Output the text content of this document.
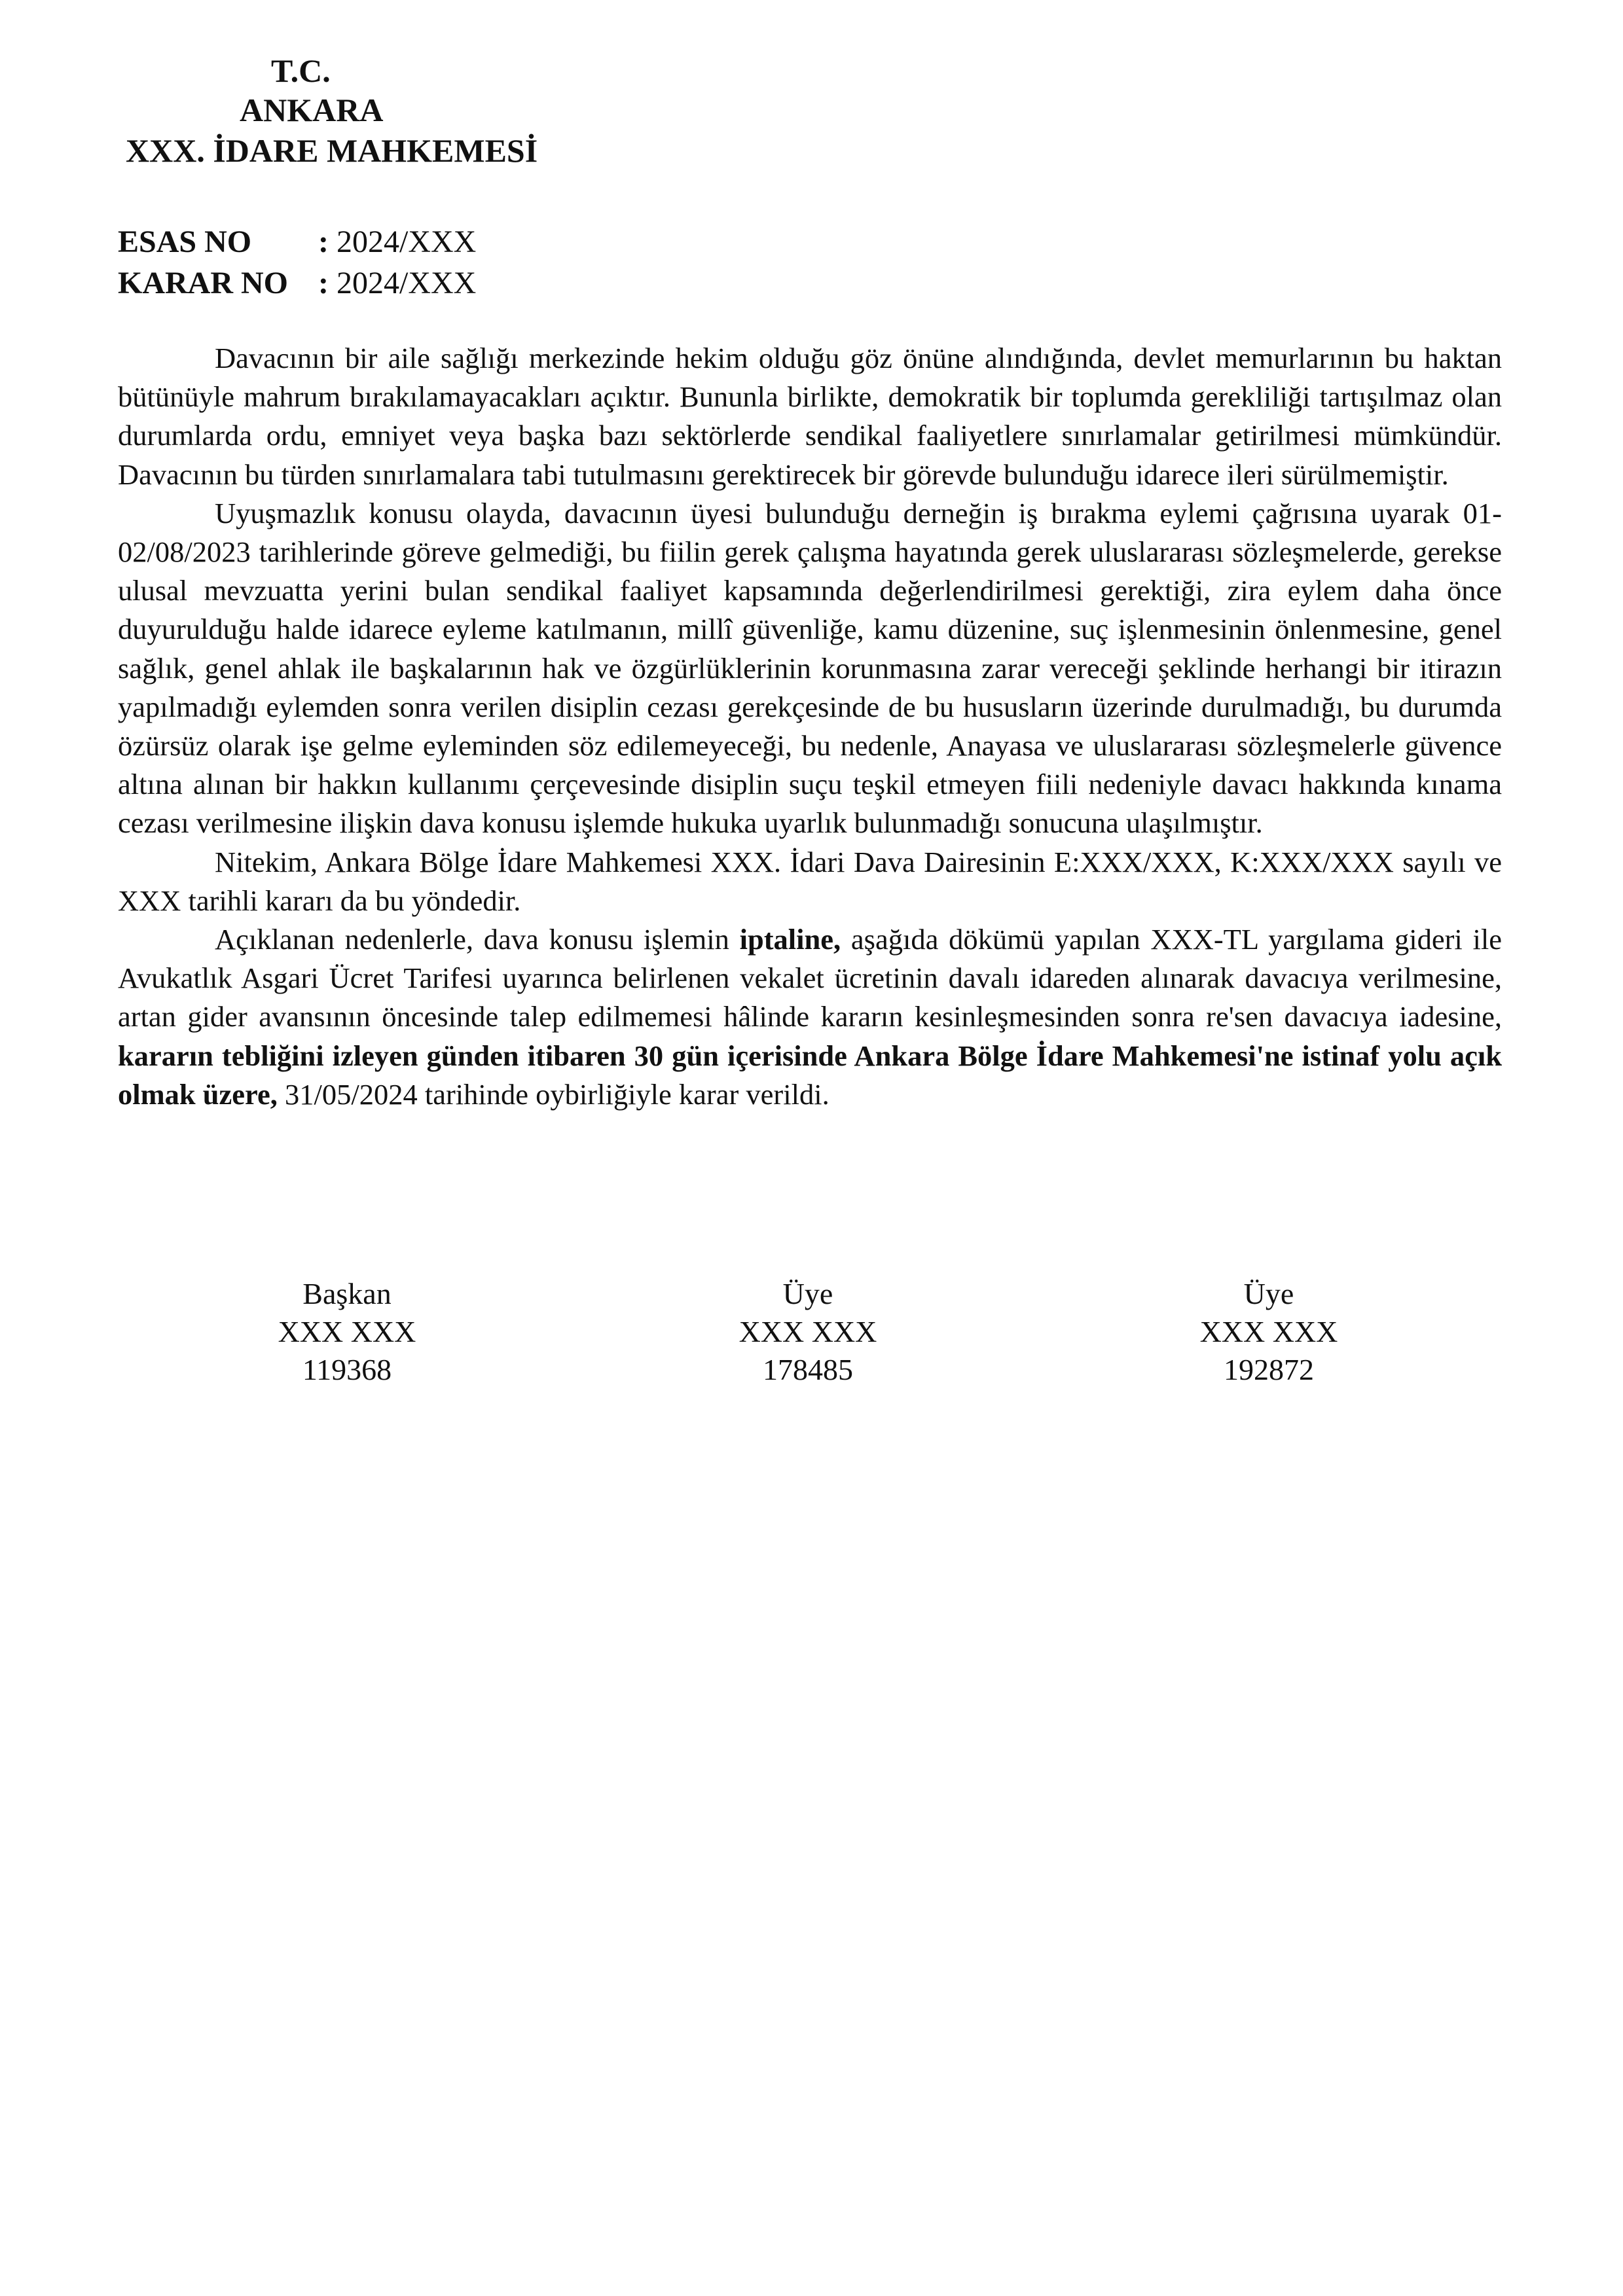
T.C.
ANKARA
XXX. İDARE MAHKEMESİ
ESAS NO : 2024/XXX
KARAR NO : 2024/XXX

Davacının bir aile sağlığı merkezinde hekim olduğu göz önüne alındığında, devlet memurlarının bu haktan bütünüyle mahrum bırakılamayacakları açıktır. Bununla birlikte, demokratik bir toplumda gerekliliği tartışılmaz olan durumlarda ordu, emniyet veya başka bazı sektörlerde sendikal faaliyetlere sınırlamalar getirilmesi mümkündür. Davacının bu türden sınırlamalara tabi tutulmasını gerektirecek bir görevde bulunduğu idarece ileri sürülmemiştir.

Uyuşmazlık konusu olayda, davacının üyesi bulunduğu derneğin iş bırakma eylemi çağrısına uyarak 01-02/08/2023 tarihlerinde göreve gelmediği, bu fiilin gerek çalışma hayatında gerek uluslararası sözleşmelerde, gerekse ulusal mevzuatta yerini bulan sendikal faaliyet kapsamında değerlendirilmesi gerektiği, zira eylem daha önce duyurulduğu halde idarece eyleme katılmanın, millî güvenliğe, kamu düzenine, suç işlenmesinin önlenmesine, genel sağlık, genel ahlak ile başkalarının hak ve özgürlüklerinin korunmasına zarar vereceği şeklinde herhangi bir itirazın yapılmadığı eylemden sonra verilen disiplin cezası gerekçesinde de bu hususların üzerinde durulmadığı, bu durumda özürsüz olarak işe gelme eyleminden söz edilemeyeceği, bu nedenle, Anayasa ve uluslararası sözleşmelerle güvence altına alınan bir hakkın kullanımı çerçevesinde disiplin suçu teşkil etmeyen fiili nedeniyle davacı hakkında kınama cezası verilmesine ilişkin dava konusu işlemde hukuka uyarlık bulunmadığı sonucuna ulaşılmıştır.

Nitekim, Ankara Bölge İdare Mahkemesi XXX. İdari Dava Dairesinin E:XXX/XXX, K:XXX/XXX sayılı ve XXX tarihli kararı da bu yöndedir.

Açıklanan nedenlerle, dava konusu işlemin iptaline, aşağıda dökümü yapılan XXX-TL yargılama gideri ile Avukatlık Asgari Ücret Tarifesi uyarınca belirlenen vekalet ücretinin davalı idareden alınarak davacıya verilmesine, artan gider avansının öncesinde talep edilmemesi hâlinde kararın kesinleşmesinden sonra re'sen davacıya iadesine, kararın tebliğini izleyen günden itibaren 30 gün içerisinde Ankara Bölge İdare Mahkemesi'ne istinaf yolu açık olmak üzere, 31/05/2024 tarihinde oybirliğiyle karar verildi.

Başkan
XXX XXX
119368
Üye
XXX XXX
178485
Üye
XXX XXX
192872
